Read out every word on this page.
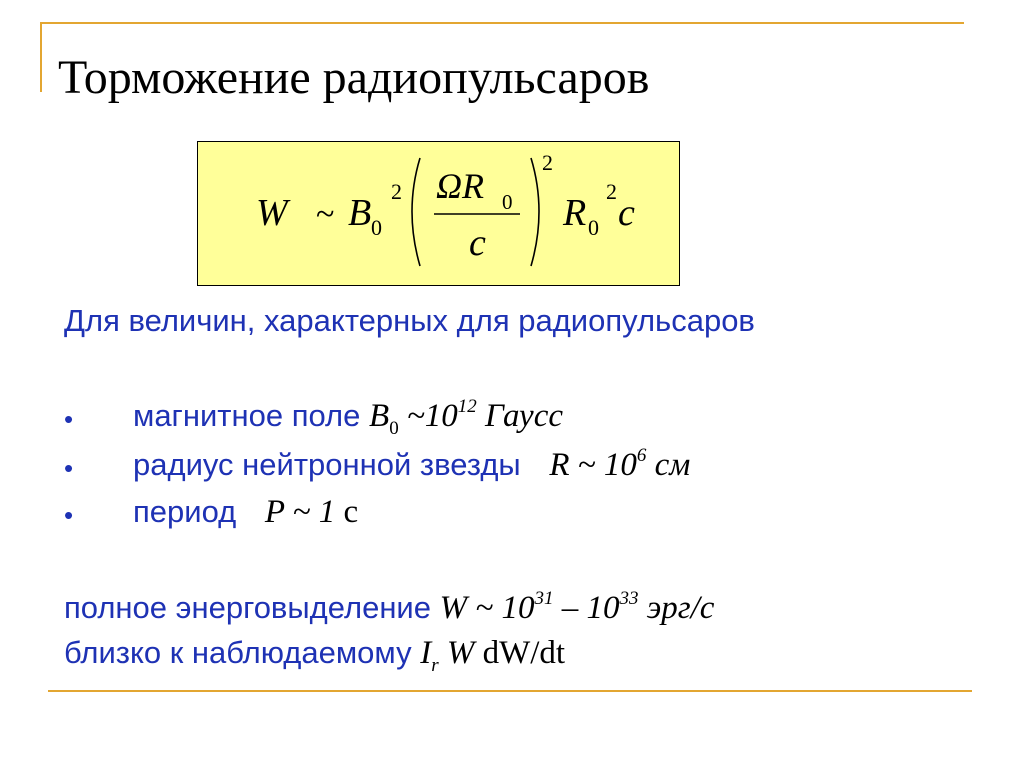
Торможение радиопульсаров
W ~ B 0
2 ΩR 0
c
2
R 0
2
c
Для величин, характерных для радиопульсаров
• магнитное поле $B_0$ $\sim 10^{12}$ Гаусс
• радиус нейтронной звезды R ~ $10^6$ см
• период P ~ 1 с
полное энерговыделение W ~ $10^{31} - 10^{33}$ эрг/с
близко к наблюдаемому $I_r$ W dW/dt
